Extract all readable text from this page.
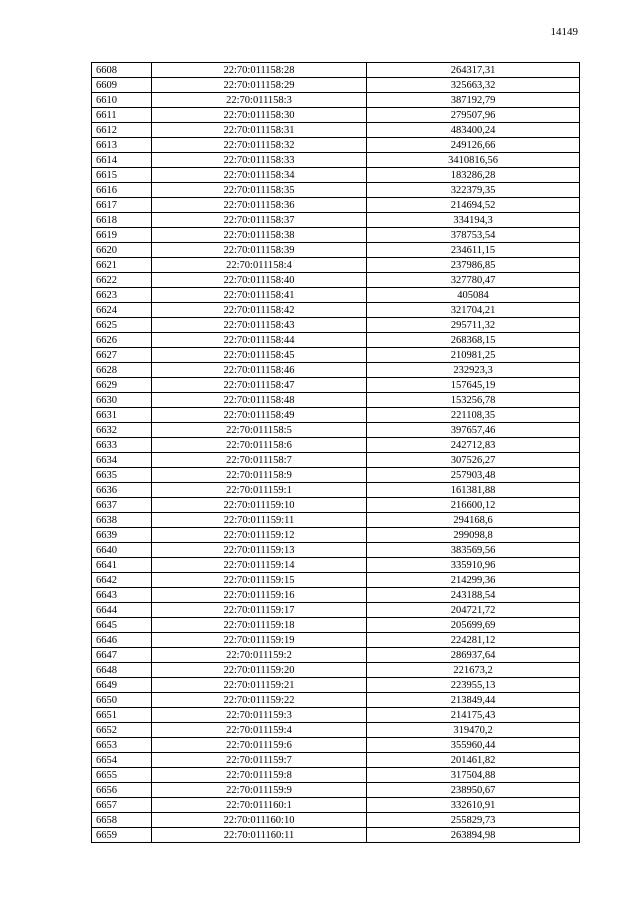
14149
6608	22:70:011158:28	264317,31
6609	22:70:011158:29	325663,32
6610	22:70:011158:3	387192,79
6611	22:70:011158:30	279507,96
6612	22:70:011158:31	483400,24
6613	22:70:011158:32	249126,66
6614	22:70:011158:33	3410816,56
6615	22:70:011158:34	183286,28
6616	22:70:011158:35	322379,35
6617	22:70:011158:36	214694,52
6618	22:70:011158:37	334194,3
6619	22:70:011158:38	378753,54
6620	22:70:011158:39	234611,15
6621	22:70:011158:4	237986,85
6622	22:70:011158:40	327780,47
6623	22:70:011158:41	405084
6624	22:70:011158:42	321704,21
6625	22:70:011158:43	295711,32
6626	22:70:011158:44	268368,15
6627	22:70:011158:45	210981,25
6628	22:70:011158:46	232923,3
6629	22:70:011158:47	157645,19
6630	22:70:011158:48	153256,78
6631	22:70:011158:49	221108,35
6632	22:70:011158:5	397657,46
6633	22:70:011158:6	242712,83
6634	22:70:011158:7	307526,27
6635	22:70:011158:9	257903,48
6636	22:70:011159:1	161381,88
6637	22:70:011159:10	216600,12
6638	22:70:011159:11	294168,6
6639	22:70:011159:12	299098,8
6640	22:70:011159:13	383569,56
6641	22:70:011159:14	335910,96
6642	22:70:011159:15	214299,36
6643	22:70:011159:16	243188,54
6644	22:70:011159:17	204721,72
6645	22:70:011159:18	205699,69
6646	22:70:011159:19	224281,12
6647	22:70:011159:2	286937,64
6648	22:70:011159:20	221673,2
6649	22:70:011159:21	223955,13
6650	22:70:011159:22	213849,44
6651	22:70:011159:3	214175,43
6652	22:70:011159:4	319470,2
6653	22:70:011159:6	355960,44
6654	22:70:011159:7	201461,82
6655	22:70:011159:8	317504,88
6656	22:70:011159:9	238950,67
6657	22:70:011160:1	332610,91
6658	22:70:011160:10	255829,73
6659	22:70:011160:11	263894,98
